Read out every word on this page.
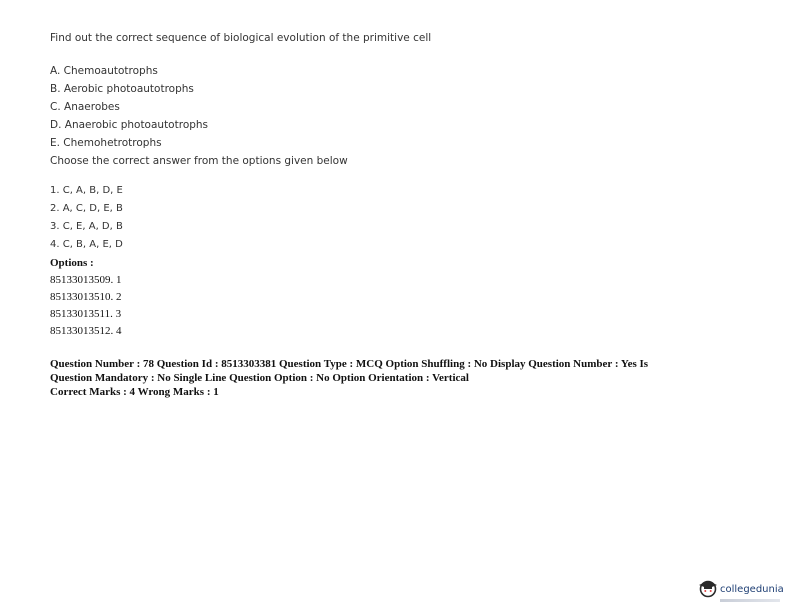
Find out the correct sequence of biological evolution of the primitive cell
A. Chemoautotrophs
B. Aerobic photoautotrophs
C. Anaerobes
D. Anaerobic photoautotrophs
E. Chemohetrotrophs
Choose the correct answer from the options given below
1. C, A, B, D, E
2. A, C, D, E, B
3. C, E, A, D, B
4. C, B, A, E, D
Options :
85133013509. 1
85133013510. 2
85133013511. 3
85133013512. 4
Question Number : 78 Question Id : 8513303381 Question Type : MCQ Option Shuffling : No Display Question Number : Yes Is
Question Mandatory : No Single Line Question Option : No Option Orientation : Vertical
Correct Marks : 4 Wrong Marks : 1
collegedunia
